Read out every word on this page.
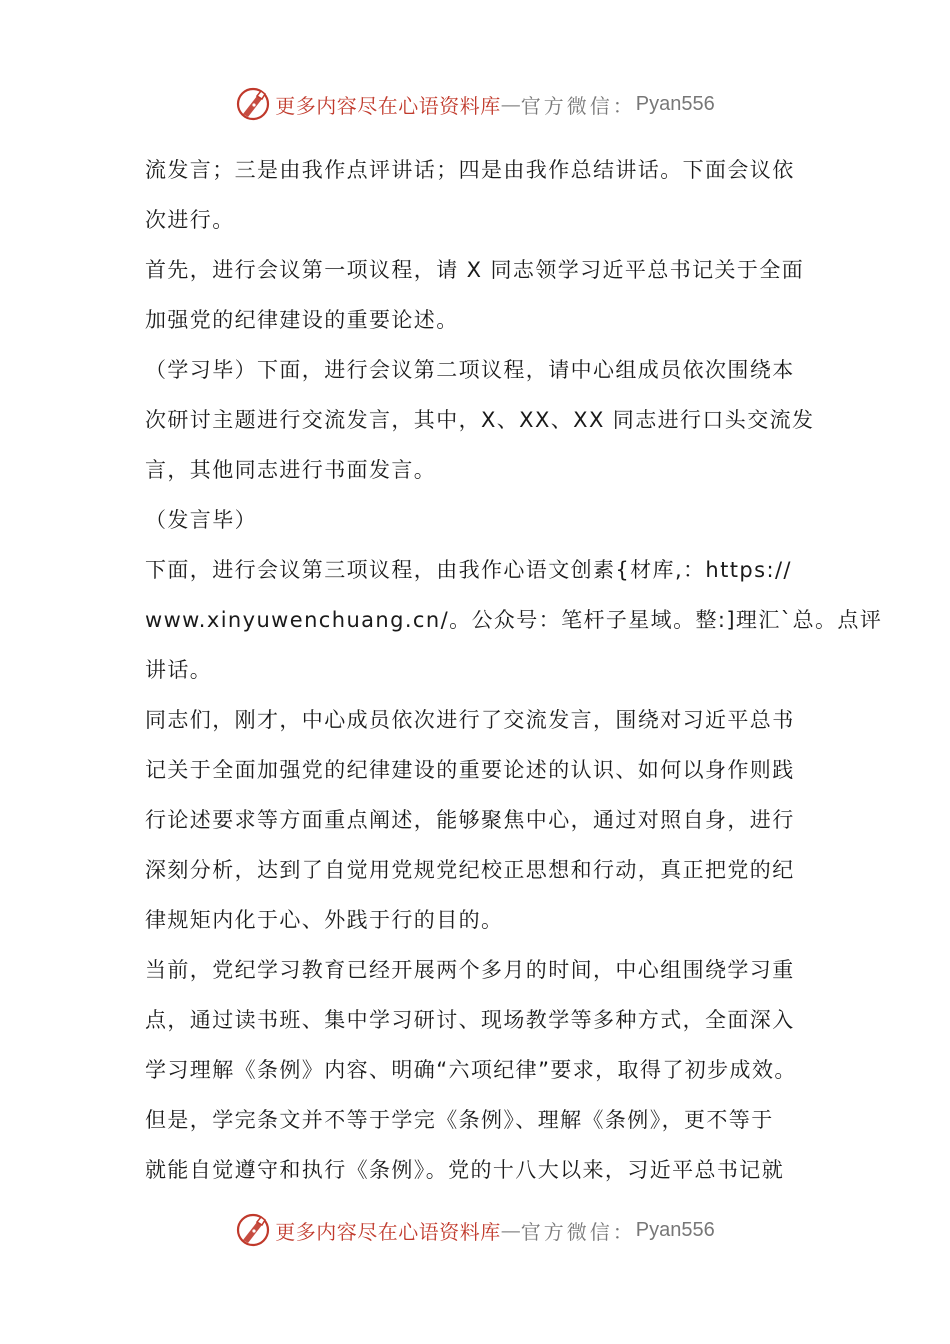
更多内容尽在心语资料库 — 官方微信： Pyan556
流发言；三是由我作点评讲话；四是由我作总结讲话。下面会议依
次进行。
首先，进行会议第一项议程，请 X 同志领学习近平总书记关于全面
加强党的纪律建设的重要论述。
（学习毕）下面，进行会议第二项议程，请中心组成员依次围绕本
次研讨主题进行交流发言，其中，X、XX、XX 同志进行口头交流发
言，其他同志进行书面发言。
（发言毕）
下面，进行会议第三项议程，由我作心语文创素{材库,：https://
www.xinyuwenchuang.cn/。公众号：笔杆子星域。整:]理汇`总。点评
讲话。
同志们，刚才，中心成员依次进行了交流发言，围绕对习近平总书
记关于全面加强党的纪律建设的重要论述的认识、如何以身作则践
行论述要求等方面重点阐述，能够聚焦中心，通过对照自身，进行
深刻分析，达到了自觉用党规党纪校正思想和行动，真正把党的纪
律规矩内化于心、外践于行的目的。
当前，党纪学习教育已经开展两个多月的时间，中心组围绕学习重
点，通过读书班、集中学习研讨、现场教学等多种方式，全面深入
学习理解《条例》内容、明确“六项纪律”要求，取得了初步成效。
但是，学完条文并不等于学完《条例》、理解《条例》，更不等于
就能自觉遵守和执行《条例》。党的十八大以来，习近平总书记就
更多内容尽在心语资料库 — 官方微信： Pyan556
